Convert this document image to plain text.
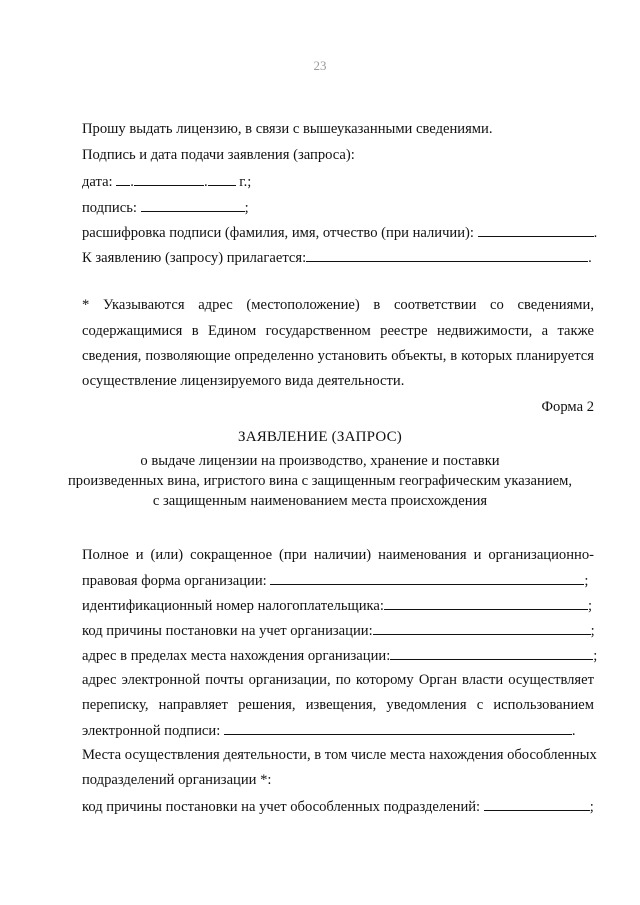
23
Прошу выдать лицензию, в связи с вышеуказанными сведениями.
Подпись и дата подачи заявления (запроса):
дата: .	. г.;
подпись:	;
расшифровка подписи (фамилия, имя, отчество (при наличии):	.
К заявлению (запросу) прилагается:	.
* Указываются адрес (местоположение) в соответствии со сведениями,
содержащимися в Едином государственном реестре недвижимости, а также
сведения, позволяющие определенно установить объекты, в которых планируется
осуществление лицензируемого вида деятельности.
Форма 2
ЗАЯВЛЕНИЕ (ЗАПРОС)
о выдаче лицензии на производство, хранение и поставки
произведенных вина, игристого вина с защищенным географическим указанием,
с защищенным наименованием места происхождения
Полное и (или) сокращенное (при наличии) наименования и организационно-
правовая форма организации:	;
идентификационный номер налогоплательщика:	;
код причины постановки на учет организации:	;
адрес в пределах места нахождения организации:	;
адрес электронной почты организации, по которому Орган власти осуществляет
переписку, направляет решения, извещения, уведомления с использованием
электронной подписи:	.
Места осуществления деятельности, в том числе места нахождения обособленных
подразделений организации *:
код причины постановки на учет обособленных подразделений:	;
